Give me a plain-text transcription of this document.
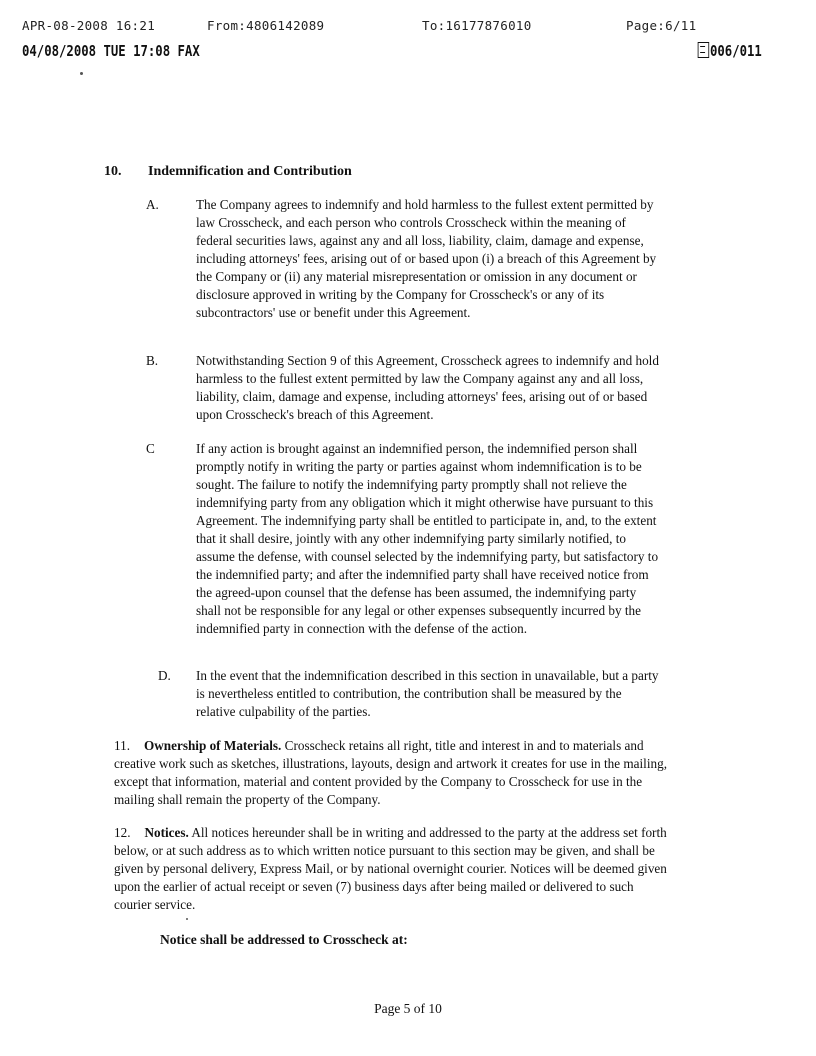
APR-08-2008 16:21	From:4806142089	To:16177876010	Page:6/11
04/08/2008 TUE 17:08 FAX	006/011
10. Indemnification and Contribution
A.	The Company agrees to indemnify and hold harmless to the fullest extent permitted by law Crosscheck, and each person who controls Crosscheck within the meaning of federal securities laws, against any and all loss, liability, claim, damage and expense, including attorneys' fees, arising out of or based upon (i) a breach of this Agreement by the Company or (ii) any material misrepresentation or omission in any document or disclosure approved in writing by the Company for Crosscheck's or any of its subcontractors' use or benefit under this Agreement.
B.	Notwithstanding Section 9 of this Agreement, Crosscheck agrees to indemnify and hold harmless to the fullest extent permitted by law the Company against any and all loss, liability, claim, damage and expense, including attorneys' fees, arising out of or based upon Crosscheck's breach of this Agreement.
C	If any action is brought against an indemnified person, the indemnified person shall promptly notify in writing the party or parties against whom indemnification is to be sought. The failure to notify the indemnifying party promptly shall not relieve the indemnifying party from any obligation which it might otherwise have pursuant to this Agreement. The indemnifying party shall be entitled to participate in, and, to the extent that it shall desire, jointly with any other indemnifying party similarly notified, to assume the defense, with counsel selected by the indemnifying party, but satisfactory to the indemnified party; and after the indemnified party shall have received notice from the agreed-upon counsel that the defense has been assumed, the indemnifying party shall not be responsible for any legal or other expenses subsequently incurred by the indemnified party in connection with the defense of the action.
D.	In the event that the indemnification described in this section in unavailable, but a party is nevertheless entitled to contribution, the contribution shall be measured by the relative culpability of the parties.
11. Ownership of Materials. Crosscheck retains all right, title and interest in and to materials and creative work such as sketches, illustrations, layouts, design and artwork it creates for use in the mailing, except that information, material and content provided by the Company to Crosscheck for use in the mailing shall remain the property of the Company.
12. Notices. All notices hereunder shall be in writing and addressed to the party at the address set forth below, or at such address as to which written notice pursuant to this section may be given, and shall be given by personal delivery, Express Mail, or by national overnight courier. Notices will be deemed given upon the earlier of actual receipt or seven (7) business days after being mailed or delivered to such courier service.
Notice shall be addressed to Crosscheck at:
Page 5 of 10
